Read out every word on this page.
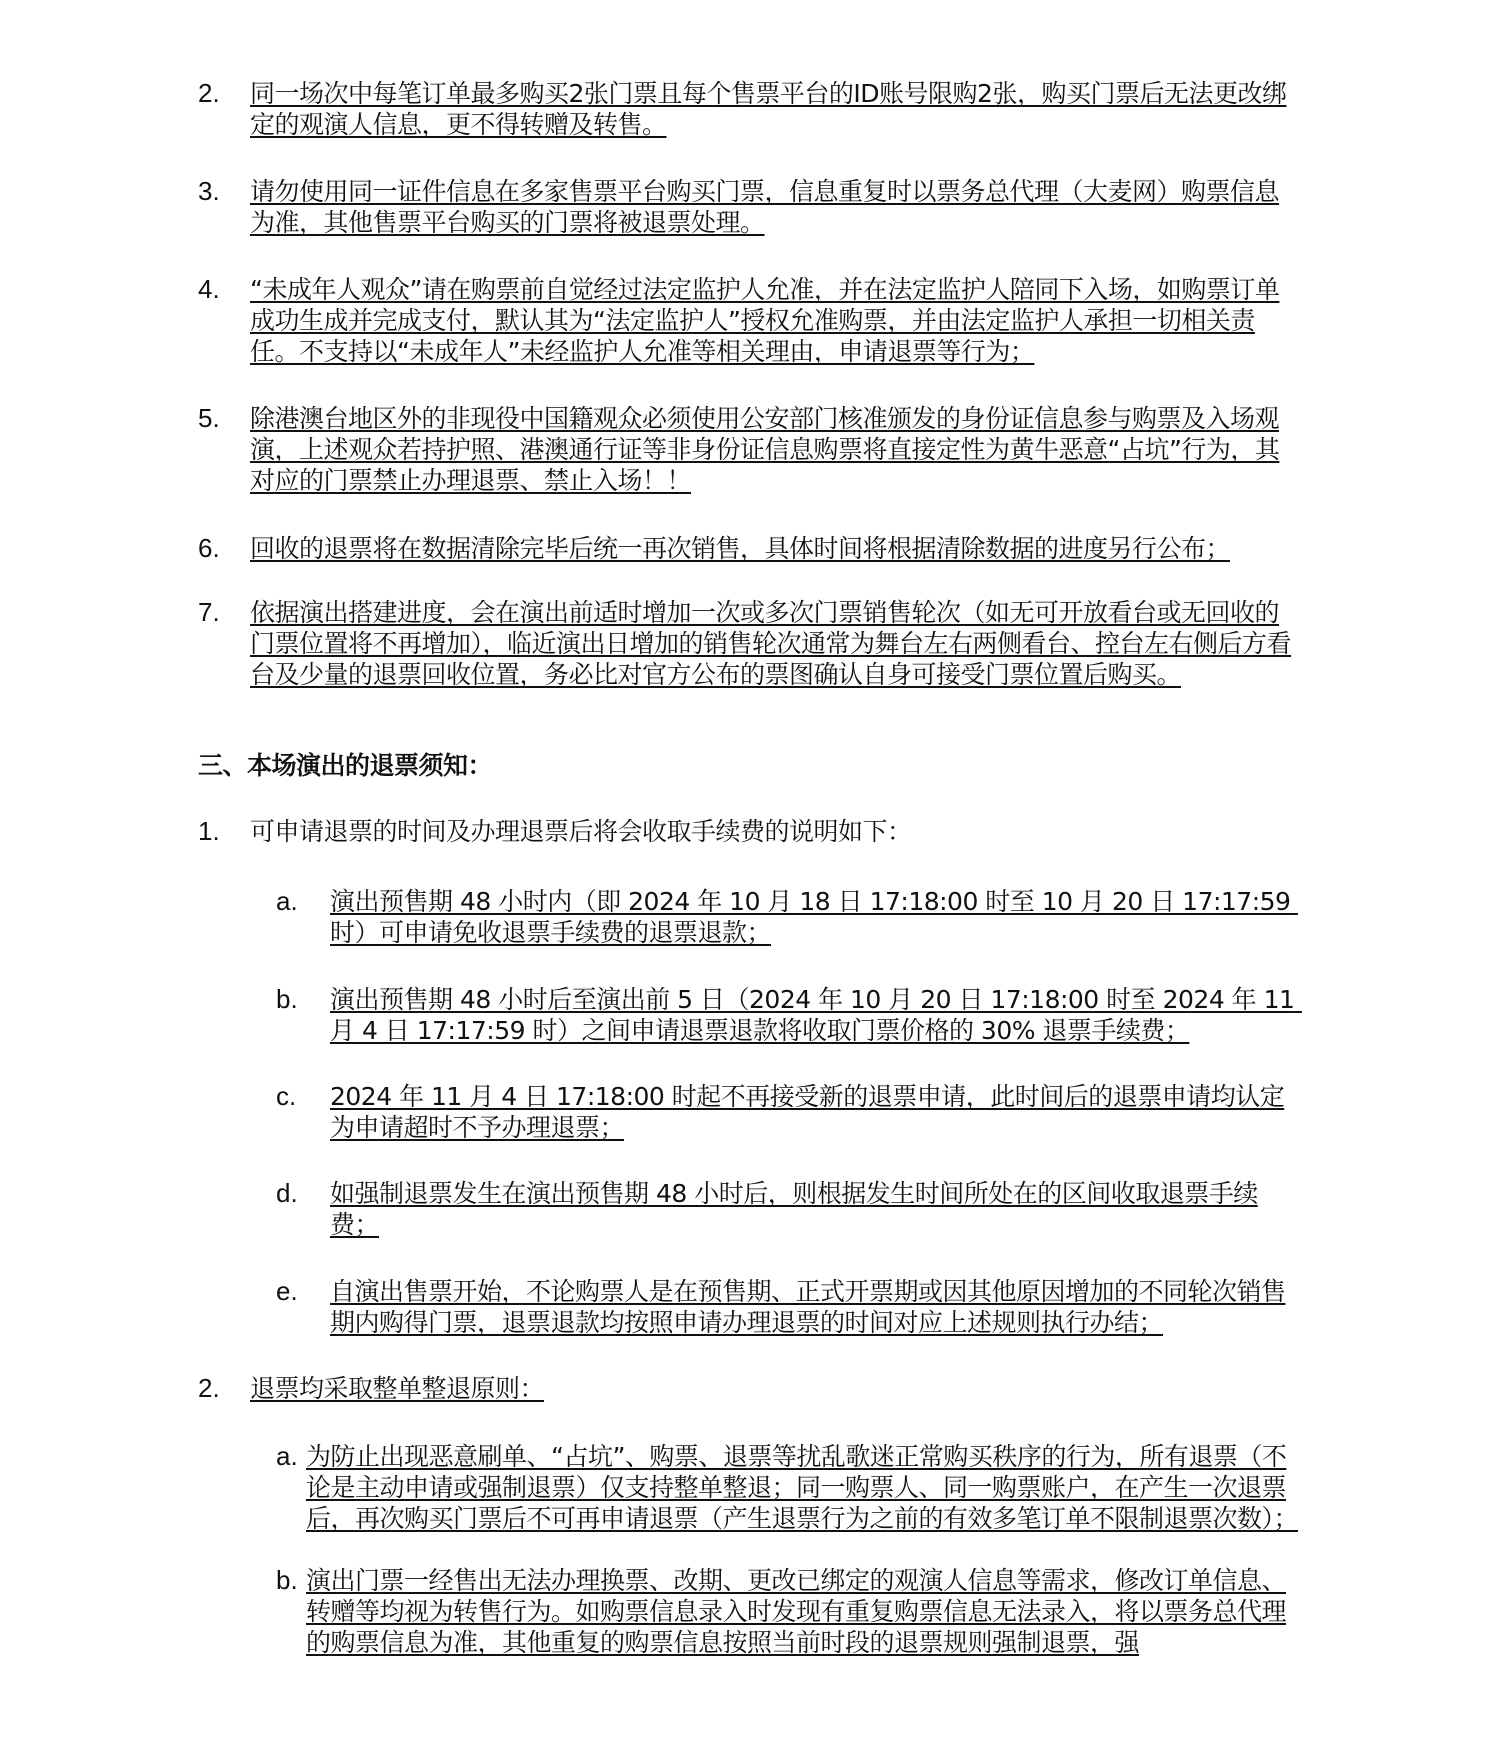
2. 同一场次中每笔订单最多购买2张门票且每个售票平台的ID账号限购2张，购买门票后无法更改绑定的观演人信息，更不得转赠及转售。
3. 请勿使用同一证件信息在多家售票平台购买门票，信息重复时以票务总代理（大麦网）购票信息为准，其他售票平台购买的门票将被退票处理。
4. “未成年人观众”请在购票前自觉经过法定监护人允准，并在法定监护人陪同下入场，如购票订单成功生成并完成支付，默认其为“法定监护人”授权允准购票，并由法定监护人承担一切相关责任。不支持以“未成年人”未经监护人允准等相关理由，申请退票等行为；
5. 除港澳台地区外的非现役中国籍观众必须使用公安部门核准颁发的身份证信息参与购票及入场观演，上述观众若持护照、港澳通行证等非身份证信息购票将直接定性为黄牛恶意“占坑”行为，其对应的门票禁止办理退票、禁止入场！！
6. 回收的退票将在数据清除完毕后统一再次销售，具体时间将根据清除数据的进度另行公布；
7. 依据演出搭建进度，会在演出前适时增加一次或多次门票销售轮次（如无可开放看台或无回收的门票位置将不再增加），临近演出日增加的销售轮次通常为舞台左右两侧看台、控台左右侧后方看台及少量的退票回收位置，务必比对官方公布的票图确认自身可接受门票位置后购买。
三、本场演出的退票须知：
1. 可申请退票的时间及办理退票后将会收取手续费的说明如下：
a. 演出预售期 48 小时内（即 2024 年 10 月 18 日 17:18:00 时至 10 月 20 日 17:17:59 时）可申请免收退票手续费的退票退款；
b. 演出预售期 48 小时后至演出前 5 日（2024 年 10 月 20 日 17:18:00 时至 2024 年 11 月 4 日 17:17:59 时）之间申请退票退款将收取门票价格的 30% 退票手续费；
c. 2024 年 11 月 4 日 17:18:00 时起不再接受新的退票申请，此时间后的退票申请均认定为申请超时不予办理退票；
d. 如强制退票发生在演出预售期 48 小时后，则根据发生时间所处在的区间收取退票手续费；
e. 自演出售票开始，不论购票人是在预售期、正式开票期或因其他原因增加的不同轮次销售期内购得门票，退票退款均按照申请办理退票的时间对应上述规则执行办结；
2. 退票均采取整单整退原则：
a. 为防止出现恶意刷单、“占坑”、购票、退票等扰乱歌迷正常购买秩序的行为，所有退票（不论是主动申请或强制退票）仅支持整单整退；同一购票人、同一购票账户，在产生一次退票后，再次购买门票后不可再申请退票（产生退票行为之前的有效多笔订单不限制退票次数）；
b. 演出门票一经售出无法办理换票、改期、更改已绑定的观演人信息等需求，修改订单信息、转赠等均视为转售行为。如购票信息录入时发现有重复购票信息无法录入，将以票务总代理的购票信息为准，其他重复的购票信息按照当前时段的退票规则强制退票，强
